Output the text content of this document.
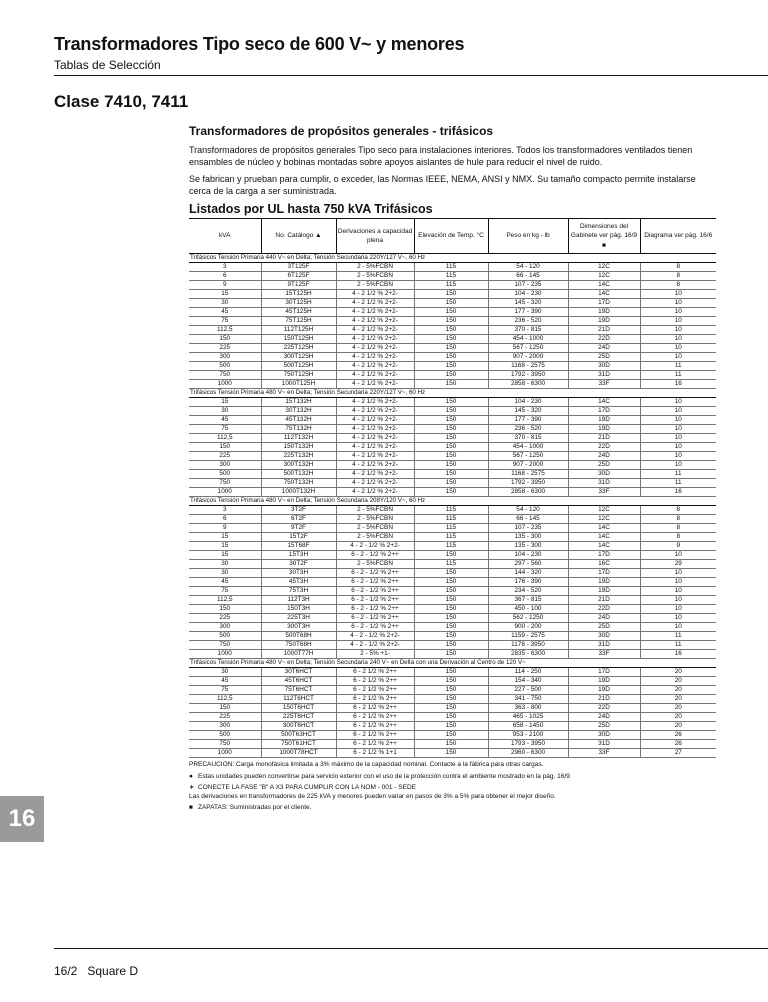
Transformadores Tipo seco de 600 V~ y menores
Tablas de Selección
Clase 7410, 7411
16
Transformadores de propósitos generales - trifásicos

Transformadores de propósitos generales Tipo seco para instalaciones interiores. Todos los transformadores ventilados tienen ensambles de núcleo y bobinas montadas sobre apoyos aislantes de hule para reducir el nivel de ruido.

Se fabrican y prueban para cumplir, o exceder, las Normas IEEE, NEMA, ANSI y NMX. Su tamaño compacto permite instalarse cerca de la carga a ser suministrada.

Listados por UL hasta 750 kVA Trifásicos
kVA	No. Catálogo ▲	Derivaciones a capacidad plena	Elevación de Temp. °C	Peso en kg - lb	Dimensiones del Gabinete ver pág. 16/9 ■	Diagrama ver pág. 16/6
Trifásicos Tensión Primaria 440 V~ en Delta; Tensión Secundaria 220Y/127 V~, 60 Hz						
3	3T125F	2 - 5%FCBN	115	54 - 120	12C	8
6	6T125F	2 - 5%FCBN	115	66 - 145	12C	8
9	9T125F	2 - 5%FCBN	115	107 - 235	14C	8
15	15T125H	4 - 2 1/2 % 2+2-	150	104 - 230	14C	10
30	30T125H	4 - 2 1/2 % 2+2-	150	145 - 320	17D	10
45	45T125H	4 - 2 1/2 % 2+2-	150	177 - 390	19D	10
75	75T125H	4 - 2 1/2 % 2+2-	150	236 - 520	19D	10
112,5	112T125H	4 - 2 1/2 % 2+2-	150	370 - 815	21D	10
150	150T125H	4 - 2 1/2 % 2+2-	150	454 - 1000	22D	10
225	225T125H	4 - 2 1/2 % 2+2-	150	567 - 1250	24D	10
300	300T125H	4 - 2 1/2 % 2+2-	150	907 - 2000	25D	10
500	500T125H	4 - 2 1/2 % 2+2-	150	1168 - 2575	30D	11
750	750T125H	4 - 2 1/2 % 2+2-	150	1792 - 3950	31D	11
1000	1000T125H	4 - 2 1/2 % 2+2-	150	2858 - 6300	33F	16
Trifásicos Tensión Primaria 480 V~ en Delta; Tensión Secundaria 220Y/127 V~, 60 Hz						
15	15T132H	4 - 2 1/2 % 2+2-	150	104 - 230	14C	10
30	30T132H	4 - 2 1/2 % 2+2-	150	145 - 320	17D	10
45	45T132H	4 - 2 1/2 % 2+2-	150	177 - 390	19D	10
75	75T132H	4 - 2 1/2 % 2+2-	150	236 - 520	19D	10
112,5	112T132H	4 - 2 1/2 % 2+2-	150	370 - 815	21D	10
150	150T132H	4 - 2 1/2 % 2+2-	150	454 - 1000	22D	10
225	225T132H	4 - 2 1/2 % 2+2-	150	567 - 1250	24D	10
300	300T132H	4 - 2 1/2 % 2+2-	150	907 - 2000	25D	10
500	500T132H	4 - 2 1/2 % 2+2-	150	1168 - 2575	30D	11
750	750T132H	4 - 2 1/2 % 2+2-	150	1792 - 3950	31D	11
1000	1000T132H	4 - 2 1/2 % 2+2-	150	2858 - 6300	33F	16
Trifásicos Tensión Primaria 480 V~ en Delta; Tensión Secundaria 208Y/120 V~, 60 Hz						
3	3T2F	2 - 5%FCBN	115	54 - 120	12C	8
6	6T2F	2 - 5%FCBN	115	66 - 145	12C	8
9	9T2F	2 - 5%FCBN	115	107 - 235	14C	8
15	15T2F	2 - 5%FCBN	115	135 - 300	14C	8
15	15T68F	4 - 2 - 1/2 % 2+2-	115	135 - 300	14C	9
15	15T3H	6 - 2 - 1/2 % 2++	150	104 - 230	17D	10
30	30T2F	2 - 5%FCBN	115	297 - 560	16C	29
30	30T3H	6 - 2 - 1/2 % 2++	150	144 - 320	17D	10
45	45T3H	6 - 2 - 1/2 % 2++	150	176 - 390	19D	10
75	75T3H	6 - 2 - 1/2 % 2++	150	234 - 520	19D	10
112,5	112T3H	6 - 2 - 1/2 % 2++	150	367 - 815	21D	10
150	150T3H	6 - 2 - 1/2 % 2++	150	450 - 100	22D	10
225	225T3H	6 - 2 - 1/2 % 2++	150	562 - 1250	24D	10
300	300T3H	6 - 2 - 1/2 % 2++	150	900 - 200	25D	10
500	500T68H	4 - 2 - 1/2 % 2+2-	150	1159 - 2575	30D	11
750	750T68H	4 - 2 - 1/2 % 2+2-	150	1178 - 3950	31D	11
1000	1000T77H	2 - 5% +1-	150	2835 - 6300	33F	16
Trifásicos Tensión Primaria 480 V~ en Delta; Tensión Secundaria 240 V~ en Delta con una Derivación al Centro de 120 V~						
30	30T6HCT	6 - 2 1/2 % 2++	150	114 - 250	17D	20
45	45T6HCT	6 - 2 1/2 % 2++	150	154 - 340	19D	20
75	75T6HCT	6 - 2 1/2 % 2++	150	227 - 500	19D	20
112,5	112T6HCT	6 - 2 1/2 % 2++	150	341 - 750	21D	20
150	150T6HCT	6 - 2 1/2 % 2++	150	363 - 800	22D	20
225	225T6HCT	6 - 2 1/2 % 2++	150	465 - 1025	24D	20
300	300T6HCT	6 - 2 1/2 % 2++	150	658 - 1450	25D	20
500	500T63HCT	6 - 2 1/2 % 2++	150	953 - 2100	30D	26
750	750T61HCT	6 - 2 1/2 % 2++	150	1793 - 3950	31D	26
1000	1000T78HCT	6 - 2 1/2 % 1+1	150	2960 - 6300	33F	27

PRECAUCION: Carga monofásica limitada a 3% máximo de la capacidad nominal. Contacte a la fábrica para otras cargas.

● Estas unidades pueden convertirse para servicio exterior con el uso de la protección contra el ambiente mostrado en la pág. 16/9.

∗ CONECTE LA FASE "B" A X3 PARA CUMPLIR CON LA NOM - 001 - SEDE
Las derivaciones en transformadores de 225 kVA y menores pueden variar en pasos de 3% a 5% para obtener el mejor diseño.

■ ZAPATAS: Suministradas por el cliente.

16/2 Square D
